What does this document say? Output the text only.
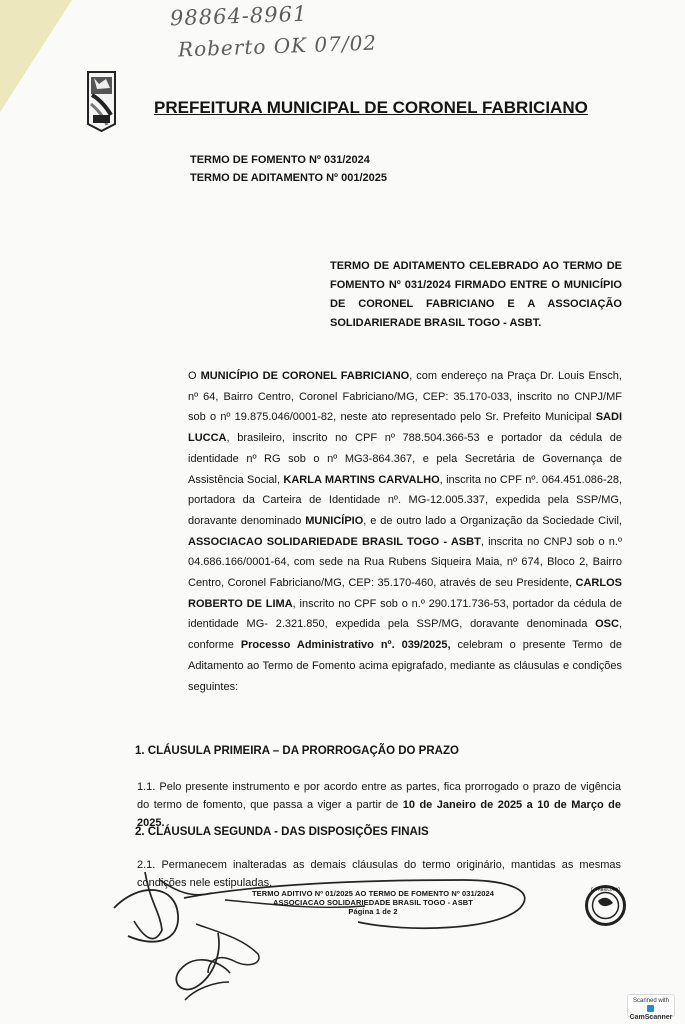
98864-8961
Roberto OK 07/02
PREFEITURA MUNICIPAL DE CORONEL FABRICIANO
TERMO DE FOMENTO Nº 031/2024
TERMO DE ADITAMENTO Nº 001/2025
TERMO DE ADITAMENTO CELEBRADO AO TERMO DE FOMENTO Nº 031/2024 FIRMADO ENTRE O MUNICÍPIO DE CORONEL FABRICIANO E A ASSOCIAÇÃO SOLIDARIERADE BRASIL TOGO - ASBT.

O MUNICÍPIO DE CORONEL FABRICIANO, com endereço na Praça Dr. Louis Ensch, nº 64, Bairro Centro, Coronel Fabriciano/MG, CEP: 35.170-033, inscrito no CNPJ/MF sob o nº 19.875.046/0001-82, neste ato representado pelo Sr. Prefeito Municipal SADI LUCCA, brasileiro, inscrito no CPF nº 788.504.366-53 e portador da cédula de identidade nº RG sob o nº MG3-864.367, e pela Secretária de Governança de Assistência Social, KARLA MARTINS CARVALHO, inscrita no CPF nº. 064.451.086-28, portadora da Carteira de Identidade nº. MG-12.005.337, expedida pela SSP/MG, doravante denominado MUNICÍPIO, e de outro lado a Organização da Sociedade Civil, ASSOCIACAO SOLIDARIEDADE BRASIL TOGO - ASBT, inscrita no CNPJ sob o n.º 04.686.166/0001-64, com sede na Rua Rubens Siqueira Maia, nº 674, Bloco 2, Bairro Centro, Coronel Fabriciano/MG, CEP: 35.170-460, através de seu Presidente, CARLOS ROBERTO DE LIMA, inscrito no CPF sob o n.º 290.171.736-53, portador da cédula de identidade MG- 2.321.850, expedida pela SSP/MG, doravante denominada OSC, conforme Processo Administrativo nº. 039/2025, celebram o presente Termo de Aditamento ao Termo de Fomento acima epigrafado, mediante as cláusulas e condições seguintes:

1. CLÁUSULA PRIMEIRA – DA PRORROGAÇÃO DO PRAZO

1.1. Pelo presente instrumento e por acordo entre as partes, fica prorrogado o prazo de vigência do termo de fomento, que passa a viger a partir de 10 de Janeiro de 2025 a 10 de Março de 2025.

2. CLÁUSULA SEGUNDA - DAS DISPOSIÇÕES FINAIS

2.1. Permanecem inalteradas as demais cláusulas do termo originário, mantidas as mesmas condições nele estipuladas.

TERMO ADITIVO Nº 01/2025 AO TERMO DE FOMENTO Nº 031/2024
ASSOCIACAO SOLIDARIEDADE BRASIL TOGO - ASBT
Página 1 de 2
C. FABRICIANO
Scanned with
CamScanner
